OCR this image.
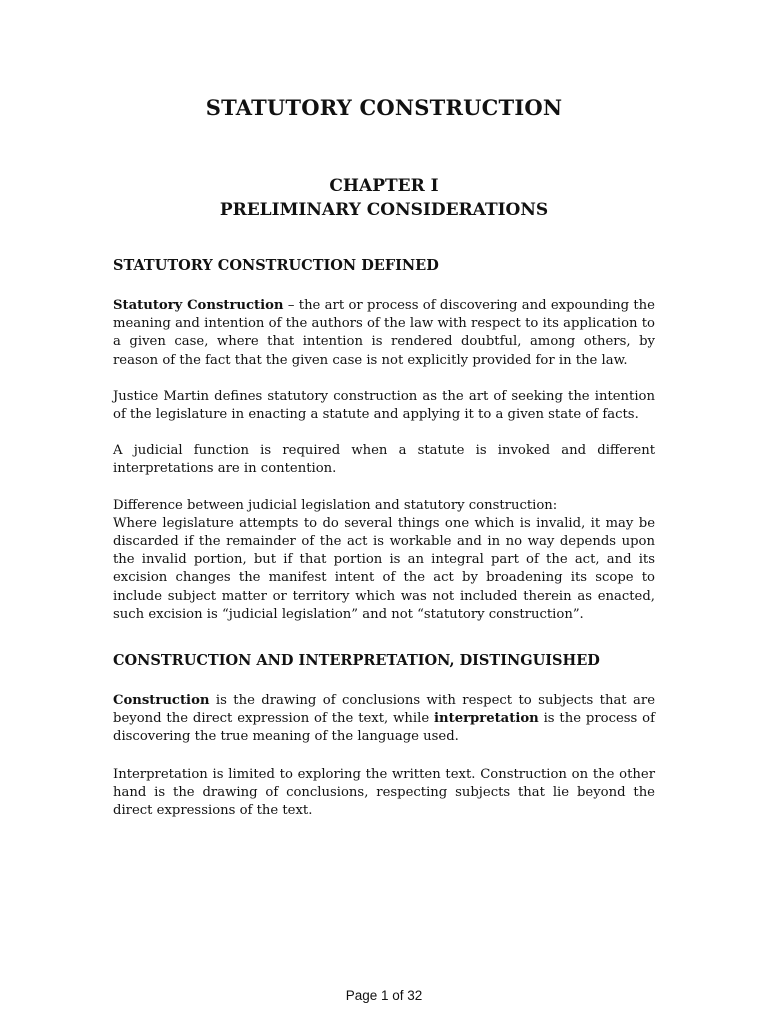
STATUTORY CONSTRUCTION
CHAPTER I
PRELIMINARY CONSIDERATIONS
STATUTORY CONSTRUCTION DEFINED

Statutory Construction – the art or process of discovering and expounding the meaning and intention of the authors of the law with respect to its application to a given case, where that intention is rendered doubtful, among others, by reason of the fact that the given case is not explicitly provided for in the law.

Justice Martin defines statutory construction as the art of seeking the intention of the legislature in enacting a statute and applying it to a given state of facts.

A judicial function is required when a statute is invoked and different interpretations are in contention.

Difference between judicial legislation and statutory construction:

Where legislature attempts to do several things one which is invalid, it may be discarded if the remainder of the act is workable and in no way depends upon the invalid portion, but if that portion is an integral part of the act, and its excision changes the manifest intent of the act by broadening its scope to include subject matter or territory which was not included therein as enacted, such excision is “judicial legislation” and not “statutory construction”.

CONSTRUCTION AND INTERPRETATION, DISTINGUISHED

Construction is the drawing of conclusions with respect to subjects that are beyond the direct expression of the text, while interpretation is the process of discovering the true meaning of the language used.

Interpretation is limited to exploring the written text. Construction on the other hand is the drawing of conclusions, respecting subjects that lie beyond the direct expressions of the text.

Page 1 of 32
